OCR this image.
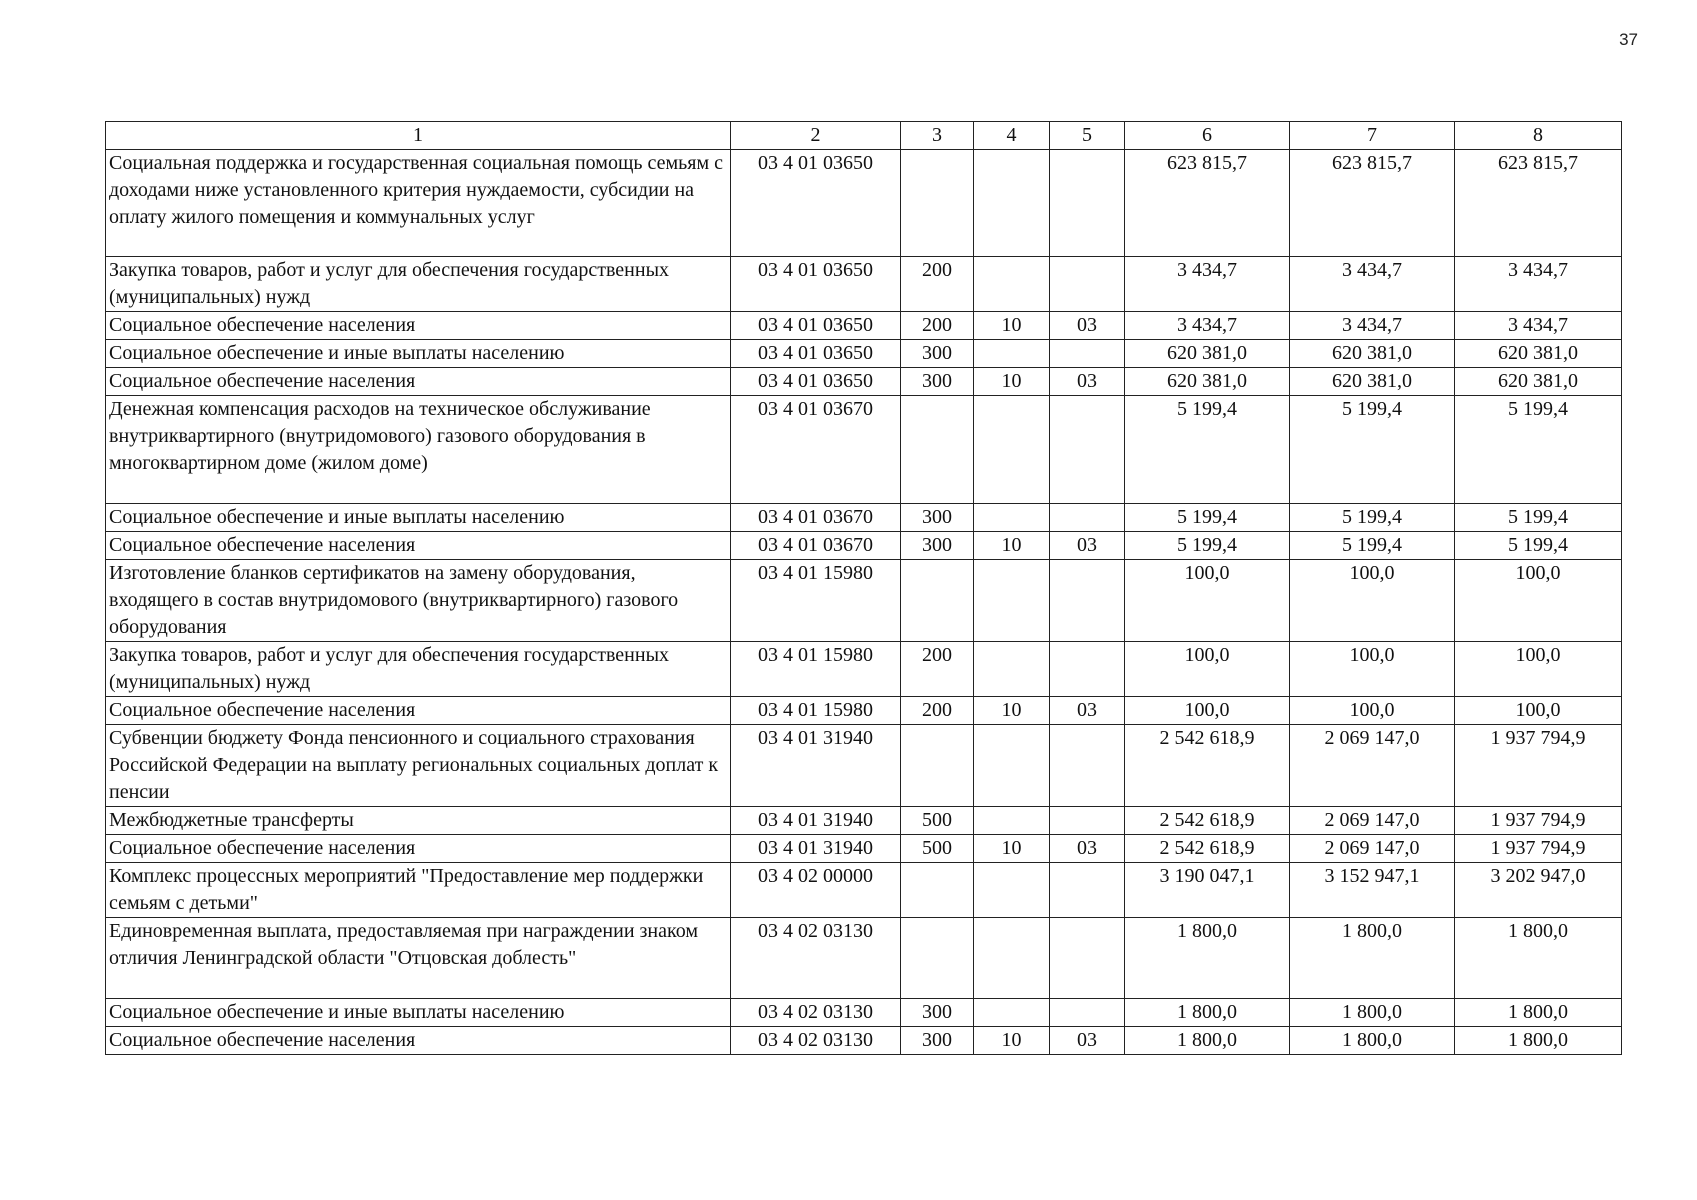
37
1	2	3	4	5	6	7	8
Социальная поддержка и государственная социальная помощь семьям с доходами ниже установленного критерия нуждаемости, субсидии на оплату жилого помещения и коммунальных услуг	03 4 01 03650				623 815,7	623 815,7	623 815,7
Закупка товаров, работ и услуг для обеспечения государственных (муниципальных) нужд	03 4 01 03650	200			3 434,7	3 434,7	3 434,7
Социальное обеспечение населения	03 4 01 03650	200	10	03	3 434,7	3 434,7	3 434,7
Социальное обеспечение и иные выплаты населению	03 4 01 03650	300			620 381,0	620 381,0	620 381,0
Социальное обеспечение населения	03 4 01 03650	300	10	03	620 381,0	620 381,0	620 381,0
Денежная компенсация расходов на техническое обслуживание внутриквартирного (внутридомового) газового оборудования в многоквартирном доме (жилом доме)	03 4 01 03670				5 199,4	5 199,4	5 199,4
Социальное обеспечение и иные выплаты населению	03 4 01 03670	300			5 199,4	5 199,4	5 199,4
Социальное обеспечение населения	03 4 01 03670	300	10	03	5 199,4	5 199,4	5 199,4
Изготовление бланков сертификатов на замену оборудования, входящего в состав внутридомового (внутриквартирного) газового оборудования	03 4 01 15980				100,0	100,0	100,0
Закупка товаров, работ и услуг для обеспечения государственных (муниципальных) нужд	03 4 01 15980	200			100,0	100,0	100,0
Социальное обеспечение населения	03 4 01 15980	200	10	03	100,0	100,0	100,0
Субвенции бюджету Фонда пенсионного и социального страхования Российской Федерации на выплату региональных социальных доплат к пенсии	03 4 01 31940				2 542 618,9	2 069 147,0	1 937 794,9
Межбюджетные трансферты	03 4 01 31940	500			2 542 618,9	2 069 147,0	1 937 794,9
Социальное обеспечение населения	03 4 01 31940	500	10	03	2 542 618,9	2 069 147,0	1 937 794,9
Комплекс процессных мероприятий "Предоставление мер поддержки семьям с детьми"	03 4 02 00000				3 190 047,1	3 152 947,1	3 202 947,0
Единовременная выплата, предоставляемая при награждении знаком отличия Ленинградской области "Отцовская доблесть"	03 4 02 03130				1 800,0	1 800,0	1 800,0
Социальное обеспечение и иные выплаты населению	03 4 02 03130	300			1 800,0	1 800,0	1 800,0
Социальное обеспечение населения	03 4 02 03130	300	10	03	1 800,0	1 800,0	1 800,0
